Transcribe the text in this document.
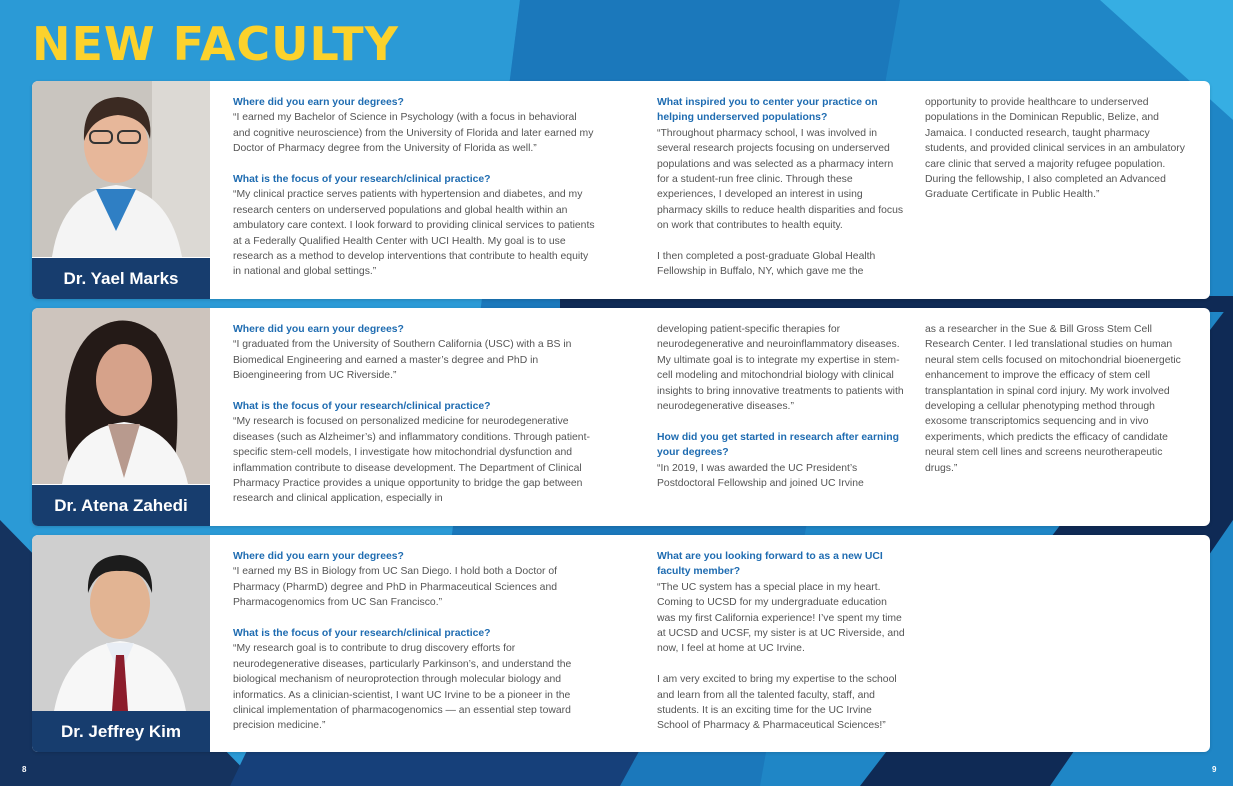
NEW FACULTY
Dr. Yael Marks

Where did you earn your degrees?

“I earned my Bachelor of Science in Psychology (with a focus in behavioral and cognitive neuroscience) from the University of Florida and later earned my Doctor of Pharmacy degree from the University of Florida as well.”

What is the focus of your research/clinical practice?

“My clinical practice serves patients with hypertension and diabetes, and my research centers on underserved populations and global health within an ambulatory care context. I look forward to providing clinical services to patients at a Federally Qualified Health Center with UCI Health. My goal is to use research as a method to develop interventions that contribute to health equity in national and global settings.”

What inspired you to center your practice on helping underserved populations?

“Throughout pharmacy school, I was involved in several research projects focusing on underserved populations and was selected as a pharmacy intern for a student-run free clinic. Through these experiences, I developed an interest in using pharmacy skills to reduce health disparities and focus on work that contributes to health equity.

I then completed a post-graduate Global Health Fellowship in Buffalo, NY, which gave me the

opportunity to provide healthcare to underserved populations in the Dominican Republic, Belize, and Jamaica. I conducted research, taught pharmacy students, and provided clinical services in an ambulatory care clinic that served a majority refugee population. During the fellowship, I also completed an Advanced Graduate Certificate in Public Health.”

Dr. Atena Zahedi

Where did you earn your degrees?

“I graduated from the University of Southern California (USC) with a BS in Biomedical Engineering and earned a master’s degree and PhD in Bioengineering from UC Riverside.”

What is the focus of your research/clinical practice?

“My research is focused on personalized medicine for neurodegenerative diseases (such as Alzheimer’s) and inflammatory conditions. Through patient-specific stem-cell models, I investigate how mitochondrial dysfunction and inflammation contribute to disease development. The Department of Clinical Pharmacy Practice provides a unique opportunity to bridge the gap between research and clinical application, especially in

developing patient-specific therapies for neurodegenerative and neuroinflammatory diseases. My ultimate goal is to integrate my expertise in stem-cell modeling and mitochondrial biology with clinical insights to bring innovative treatments to patients with neurodegenerative diseases.”

How did you get started in research after earning your degrees?

“In 2019, I was awarded the UC President’s Postdoctoral Fellowship and joined UC Irvine

as a researcher in the Sue & Bill Gross Stem Cell Research Center. I led translational studies on human neural stem cells focused on mitochondrial bioenergetic enhancement to improve the efficacy of stem cell transplantation in spinal cord injury. My work involved developing a cellular phenotyping method through exosome transcriptomics sequencing and in vivo experiments, which predicts the efficacy of candidate neural stem cell lines and screens neurotherapeutic drugs.”

Dr. Jeffrey Kim

Where did you earn your degrees?

“I earned my BS in Biology from UC San Diego. I hold both a Doctor of Pharmacy (PharmD) degree and PhD in Pharmaceutical Sciences and Pharmacogenomics from UC San Francisco.”

What is the focus of your research/clinical practice?

“My research goal is to contribute to drug discovery efforts for neurodegenerative diseases, particularly Parkinson’s, and understand the biological mechanism of neuroprotection through molecular biology and informatics. As a clinician-scientist, I want UC Irvine to be a pioneer in the clinical implementation of pharmacogenomics — an essential step toward precision medicine.”

What are you looking forward to as a new UCI faculty member?

“The UC system has a special place in my heart. Coming to UCSD for my undergraduate education was my first California experience! I’ve spent my time at UCSD and UCSF, my sister is at UC Riverside, and now, I feel at home at UC Irvine.

I am very excited to bring my expertise to the school and learn from all the talented faculty, staff, and students. It is an exciting time for the UC Irvine School of Pharmacy & Pharmaceutical Sciences!”

8	9
